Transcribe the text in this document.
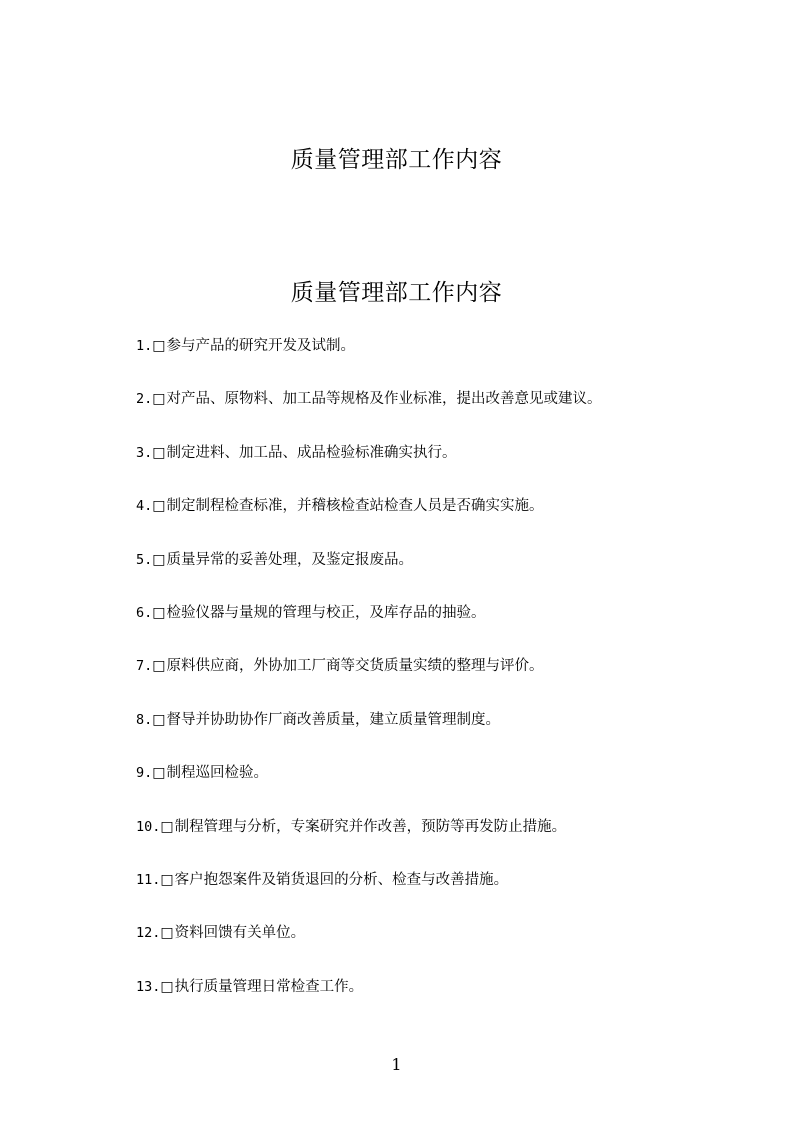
质量管理部工作内容
质量管理部工作内容
1.□参与产品的研究开发及试制。
2.□对产品、原物料、加工品等规格及作业标准，提出改善意见或建议。
3.□制定进料、加工品、成品检验标准确实执行。
4.□制定制程检查标准，并稽核检查站检查人员是否确实实施。
5.□质量异常的妥善处理，及鉴定报废品。
6.□检验仪器与量规的管理与校正，及库存品的抽验。
7.□原料供应商，外协加工厂商等交货质量实绩的整理与评价。
8.□督导并协助协作厂商改善质量，建立质量管理制度。
9.□制程巡回检验。
10.□制程管理与分析，专案研究并作改善，预防等再发防止措施。
11.□客户抱怨案件及销货退回的分析、检查与改善措施。
12.□资料回馈有关单位。
13.□执行质量管理日常检查工作。
1
